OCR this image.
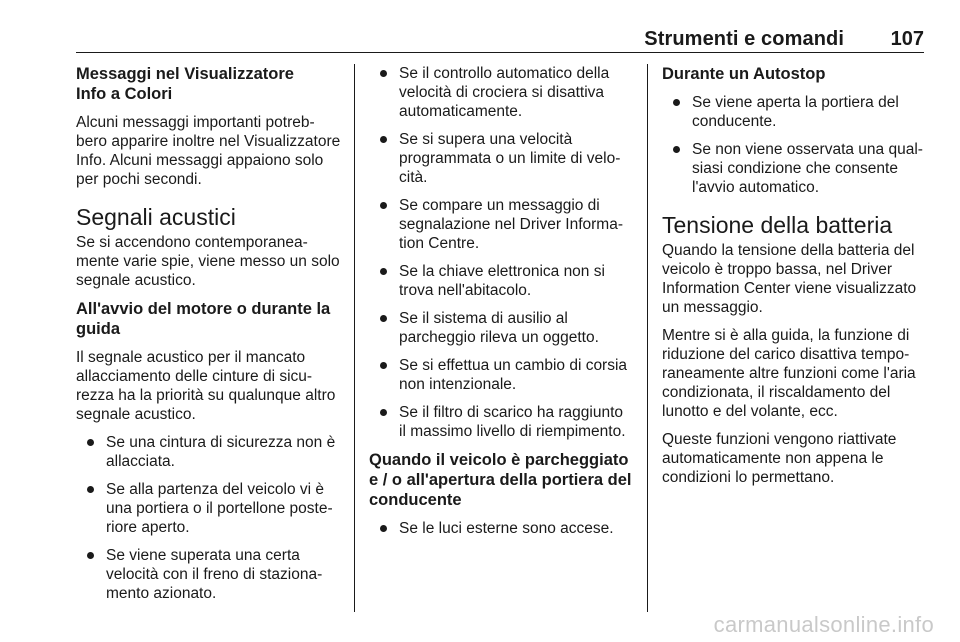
Strumenti e comandi 107
Messaggi nel Visualizzatore Info a Colori

Alcuni messaggi importanti potreb-bero apparire inoltre nel Visualizzatore Info. Alcuni messaggi appaiono solo per pochi secondi.

Segnali acustici

Se si accendono contemporanea-mente varie spie, viene messo un solo segnale acustico.

All'avvio del motore o durante la guida

Il segnale acustico per il mancato allacciamento delle cinture di sicu-rezza ha la priorità su qualunque altro segnale acustico.

Se una cintura di sicurezza non è allacciata.
Se alla partenza del veicolo vi è una portiera o il portellone poste-riore aperto.
Se viene superata una certa velocità con il freno di staziona-mento azionato.
Se il controllo automatico della velocità di crociera si disattiva automaticamente.
Se si supera una velocità programmata o un limite di velo-cità.
Se compare un messaggio di segnalazione nel Driver Informa-tion Centre.
Se la chiave elettronica non si trova nell'abitacolo.
Se il sistema di ausilio al parcheggio rileva un oggetto.
Se si effettua un cambio di corsia non intenzionale.
Se il filtro di scarico ha raggiunto il massimo livello di riempimento.
Quando il veicolo è parcheggiato e / o all'apertura della portiera del conducente
Se le luci esterne sono accese.
Durante un Autostop
Se viene aperta la portiera del conducente.
Se non viene osservata una qual-siasi condizione che consente l'avvio automatico.
Tensione della batteria

Quando la tensione della batteria del veicolo è troppo bassa, nel Driver Information Center viene visualizzato un messaggio.

Mentre si è alla guida, la funzione di riduzione del carico disattiva tempo-raneamente altre funzioni come l'aria condizionata, il riscaldamento del lunotto e del volante, ecc.

Queste funzioni vengono riattivate automaticamente non appena le condizioni lo permettano.

carmanualsonline.info
